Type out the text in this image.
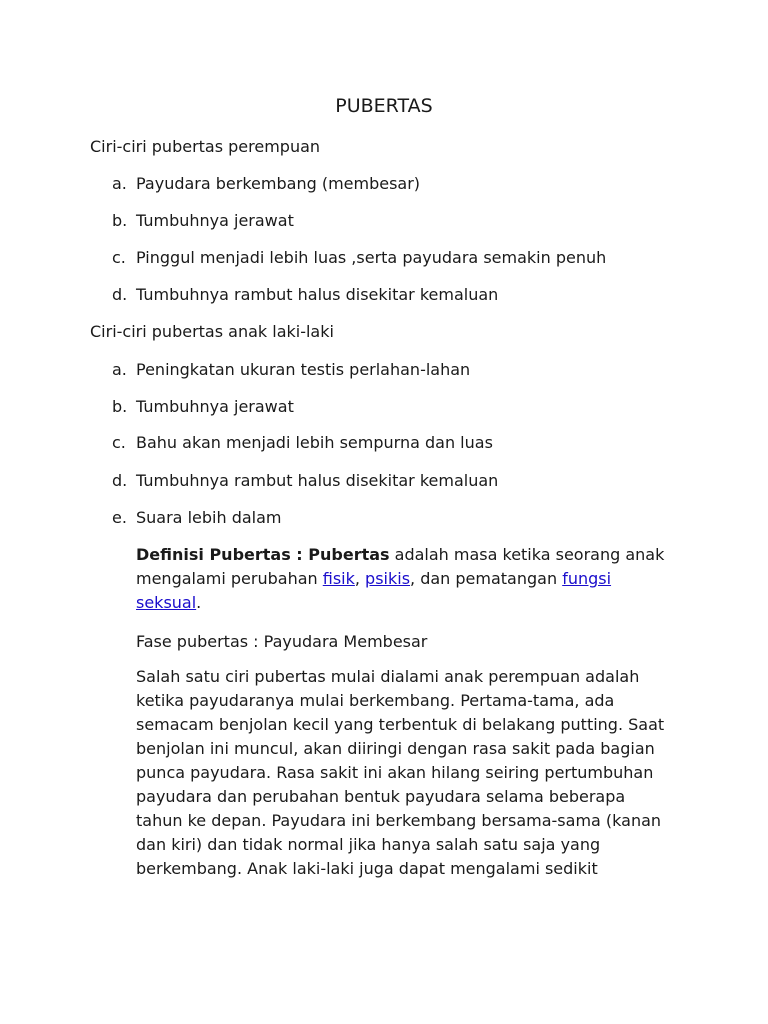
PUBERTAS
Ciri-ciri pubertas perempuan
a. Payudara berkembang (membesar)
b. Tumbuhnya jerawat
c. Pinggul menjadi lebih luas ,serta payudara semakin penuh
d. Tumbuhnya rambut halus disekitar kemaluan
Ciri-ciri pubertas anak laki-laki
a. Peningkatan ukuran testis perlahan-lahan
b. Tumbuhnya jerawat
c. Bahu akan menjadi lebih sempurna dan luas
d. Tumbuhnya rambut halus disekitar kemaluan
e. Suara lebih dalam
Definisi Pubertas : Pubertas adalah masa ketika seorang anak mengalami perubahan fisik, psikis, dan pematangan fungsi seksual.
Fase pubertas : Payudara Membesar
Salah satu ciri pubertas mulai dialami anak perempuan adalah ketika payudaranya mulai berkembang. Pertama-tama, ada semacam benjolan kecil yang terbentuk di belakang putting. Saat benjolan ini muncul, akan diiringi dengan rasa sakit pada bagian punca payudara. Rasa sakit ini akan hilang seiring pertumbuhan payudara dan perubahan bentuk payudara selama beberapa tahun ke depan. Payudara ini berkembang bersama-sama (kanan dan kiri) dan tidak normal jika hanya salah satu saja yang berkembang. Anak laki-laki juga dapat mengalami sedikit
